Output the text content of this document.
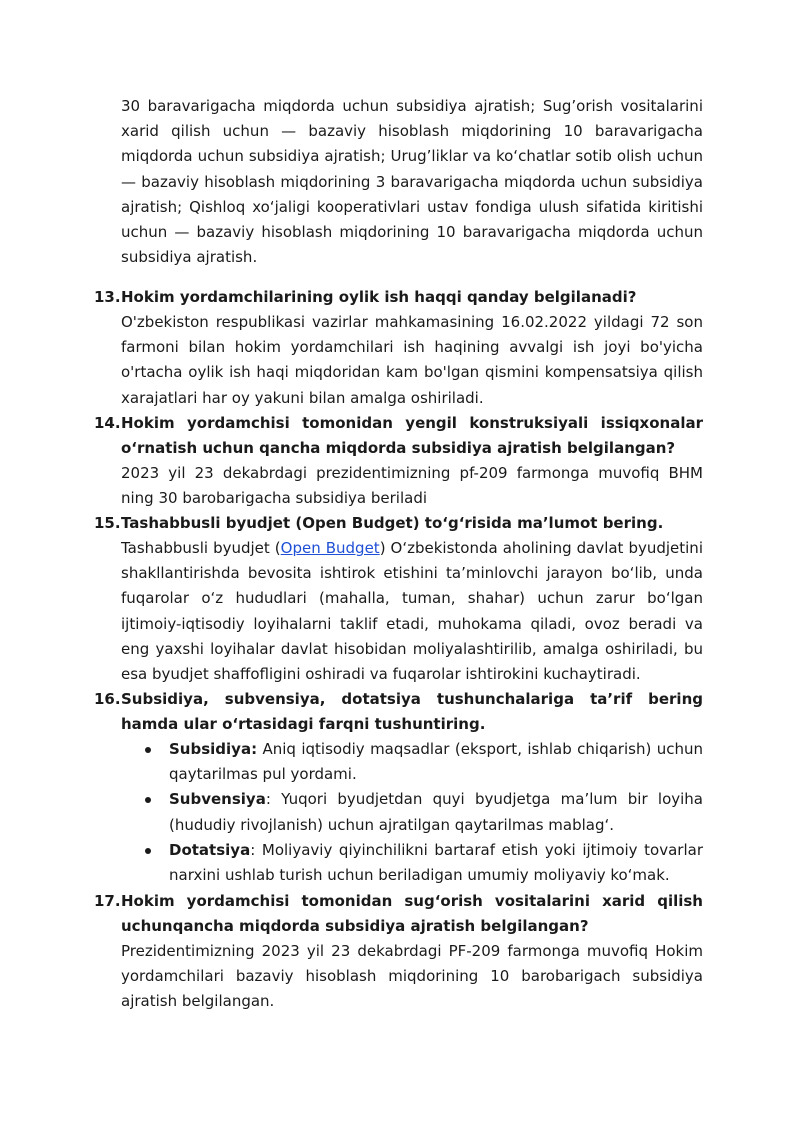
30 baravarigacha miqdorda uchun subsidiya ajratish; Sug’orish vositalarini xarid qilish uchun — bazaviy hisoblash miqdorining 10 baravarigacha miqdorda uchun subsidiya ajratish; Urug’liklar va ko‘chatlar sotib olish uchun — bazaviy hisoblash miqdorining 3 baravarigacha miqdorda uchun subsidiya ajratish; Qishloq xo‘jaligi kooperativlari ustav fondiga ulush sifatida kiritishi uchun — bazaviy hisoblash miqdorining 10 baravarigacha miqdorda uchun subsidiya ajratish.

13. Hokim yordamchilarining oylik ish haqqi qanday belgilanadi?

O'zbekiston respublikasi vazirlar mahkamasining 16.02.2022 yildagi 72 son farmoni bilan hokim yordamchilari ish haqining avvalgi ish joyi bo'yicha o'rtacha oylik ish haqi miqdoridan kam bo'lgan qismini kompensatsiya qilish xarajatlari har oy yakuni bilan amalga oshiriladi.

14. Hokim yordamchisi tomonidan yengil konstruksiyali issiqxonalar o‘rnatish uchun qancha miqdorda subsidiya ajratish belgilangan?

2023 yil 23 dekabrdagi prezidentimizning pf-209 farmonga muvofiq BHM ning 30 barobarigacha subsidiya beriladi

15. Tashabbusli byudjet (Open Budget) to‘g‘risida ma’lumot bering.

Tashabbusli byudjet (Open Budget) O‘zbekistonda aholining davlat byudjetini shakllantirishda bevosita ishtirok etishini ta’minlovchi jarayon bo‘lib, unda fuqarolar o‘z hududlari (mahalla, tuman, shahar) uchun zarur bo‘lgan ijtimoiy-iqtisodiy loyihalarni taklif etadi, muhokama qiladi, ovoz beradi va eng yaxshi loyihalar davlat hisobidan moliyalashtirilib, amalga oshiriladi, bu esa byudjet shaffofligini oshiradi va fuqarolar ishtirokini kuchaytiradi.

16. Subsidiya, subvensiya, dotatsiya tushunchalariga ta’rif bering hamda ular o‘rtasidagi farqni tushuntiring.

Subsidiya: Aniq iqtisodiy maqsadlar (eksport, ishlab chiqarish) uchun qaytarilmas pul yordami.
Subvensiya: Yuqori byudjetdan quyi byudjetga ma’lum bir loyiha (hududiy rivojlanish) uchun ajratilgan qaytarilmas mablag‘.
Dotatsiya: Moliyaviy qiyinchilikni bartaraf etish yoki ijtimoiy tovarlar narxini ushlab turish uchun beriladigan umumiy moliyaviy ko‘mak.
17. Hokim yordamchisi tomonidan sug‘orish vositalarini xarid qilish uchunqancha miqdorda subsidiya ajratish belgilangan?

Prezidentimizning 2023 yil 23 dekabrdagi PF-209 farmonga muvofiq Hokim yordamchilari bazaviy hisoblash miqdorining 10 barobarigach subsidiya ajratish belgilangan.
